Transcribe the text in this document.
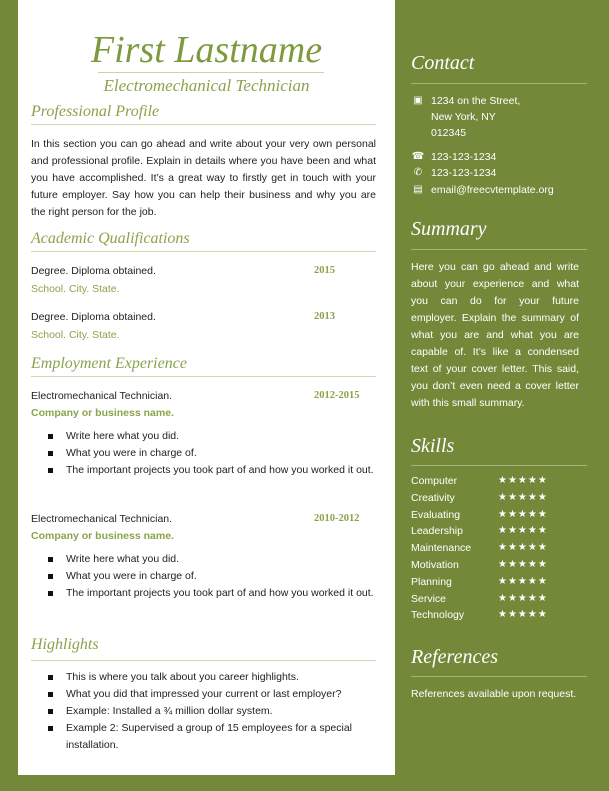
First Lastname
Electromechanical Technician
Professional Profile
In this section you can go ahead and write about your very own personal and professional profile. Explain in details where you have been and what you have accomplished. It’s a great way to firstly get in touch with your future employer. Say how you can help their business and why you are the right person for the job.
Academic Qualifications
Degree. Diploma obtained.	2015
School. City. State.
Degree. Diploma obtained.	2013
School. City. State.
Employment Experience
Electromechanical Technician.	2012-2015
Company or business name.
Write here what you did.
What you were in charge of.
The important projects you took part of and how you worked it out.
Electromechanical Technician.	2010-2012
Company or business name.
Write here what you did.
What you were in charge of.
The important projects you took part of and how you worked it out.
Highlights
This is where you talk about you career highlights.
What you did that impressed your current or last employer?
Example: Installed a ¾ million dollar system.
Example 2: Supervised a group of 15 employees for a special installation.
Contact
▣ 1234 on the Street,
New York, NY
012345
☎ 123-123-1234
✆ 123-123-1234
▤ email@freecvtemplate.org
Summary
Here you can go ahead and write about your experience and what you can do for your future employer. Explain the summary of what you are and what you are capable of. It’s like a condensed text of your cover letter. This said, you don’t even need a cover letter with this small summary.
Skills
Computer	★★★★★
Creativity	★★★★★
Evaluating	★★★★★
Leadership	★★★★★
Maintenance	★★★★★
Motivation	★★★★★
Planning	★★★★★
Service	★★★★★
Technology	★★★★★
References
References available upon request.
